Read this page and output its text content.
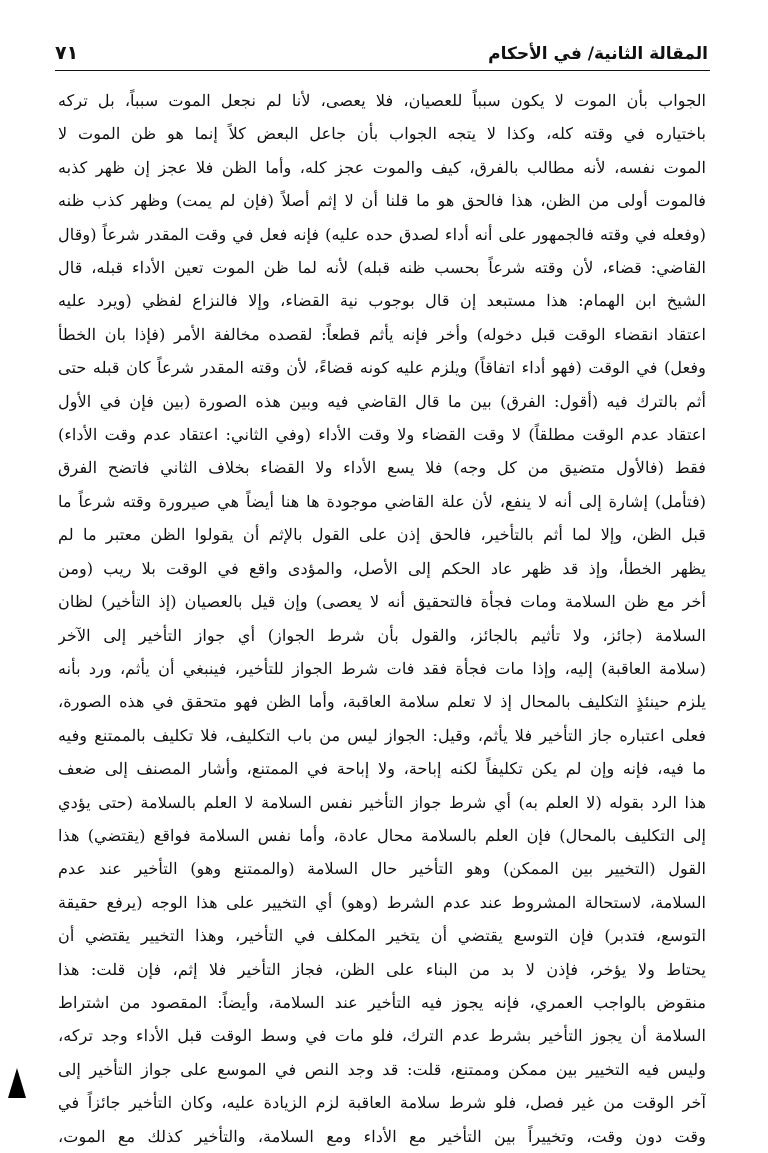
المقالة الثانية/ في الأحكام
٧١
الجواب بأن الموت لا يكون سبباً للعصيان، فلا يعصى، لأنا لم نجعل الموت سبباً، بل تركه
باختياره في وقته كله، وكذا لا يتجه الجواب بأن جاعل البعض كلاً إنما هو ظن الموت لا
الموت نفسه، لأنه مطالب بالفرق، كيف والموت عجز كله، وأما الظن فلا عجز إن ظهر كذبه
فالموت أولى من الظن، هذا فالحق هو ما قلنا أن لا إثم أصلاً (فإن لم يمت) وظهر كذب ظنه
(وفعله في وقته فالجمهور على أنه أداء لصدق حده عليه) فإنه فعل في وقت المقدر شرعاً (وقال
القاضي: قضاء، لأن وقته شرعاً بحسب ظنه قبله) لأنه لما ظن الموت تعين الأداء قبله، قال
الشيخ ابن الهمام: هذا مستبعد إن قال بوجوب نية القضاء، وإلا فالنزاع لفظي (ويرد عليه
اعتقاد انقضاء الوقت قبل دخوله) وأخر فإنه يأثم قطعاً: لقصده مخالفة الأمر (فإذا بان الخطأ
وفعل) في الوقت (فهو أداء اتفاقاً) ويلزم عليه كونه قضاءً، لأن وقته المقدر شرعاً كان قبله حتى
أثم بالترك فيه (أقول: الفرق) بين ما قال القاضي فيه وبين هذه الصورة (بين فإن في الأول
اعتقاد عدم الوقت مطلقاً) لا وقت القضاء ولا وقت الأداء (وفي الثاني: اعتقاد عدم وقت الأداء)
فقط (فالأول متضيق من كل وجه) فلا يسع الأداء ولا القضاء بخلاف الثاني فاتضح الفرق
(فتأمل) إشارة إلى أنه لا ينفع، لأن علة القاضي موجودة ها هنا أيضاً هي صيرورة وقته شرعاً ما
قبل الظن، وإلا لما أثم بالتأخير، فالحق إذن على القول بالإثم أن يقولوا الظن معتبر ما لم
يظهر الخطأ، وإذ قد ظهر عاد الحكم إلى الأصل، والمؤدى واقع في الوقت بلا ريب (ومن
أخر مع ظن السلامة ومات فجأة فالتحقيق أنه لا يعصى) وإن قيل بالعصيان (إذ التأخير) لظان
السلامة (جائز، ولا تأثيم بالجائز، والقول بأن شرط الجواز) أي جواز التأخير إلى الآخر
(سلامة العاقبة) إليه، وإذا مات فجأة فقد فات شرط الجواز للتأخير، فينبغي أن يأثم، ورد بأنه
يلزم حينئذٍ التكليف بالمحال إذ لا تعلم سلامة العاقبة، وأما الظن فهو متحقق في هذه الصورة،
فعلى اعتباره جاز التأخير فلا يأثم، وقيل: الجواز ليس من باب التكليف، فلا تكليف بالممتنع وفيه
ما فيه، فإنه وإن لم يكن تكليفاً لكنه إباحة، ولا إباحة في الممتنع، وأشار المصنف إلى ضعف
هذا الرد بقوله (لا العلم به) أي شرط جواز التأخير نفس السلامة لا العلم بالسلامة (حتى يؤدي
إلى التكليف بالمحال) فإن العلم بالسلامة محال عادة، وأما نفس السلامة فواقع (يقتضي) هذا
القول (التخيير بين الممكن) وهو التأخير حال السلامة (والممتنع وهو) التأخير عند عدم
السلامة، لاستحالة المشروط عند عدم الشرط (وهو) أي التخيير على هذا الوجه (يرفع حقيقة
التوسع، فتدبر) فإن التوسع يقتضي أن يتخير المكلف في التأخير، وهذا التخيير يقتضي أن
يحتاط ولا يؤخر، فإذن لا بد من البناء على الظن، فجاز التأخير فلا إثم، فإن قلت: هذا
منقوض بالواجب العمري، فإنه يجوز فيه التأخير عند السلامة، وأيضاً: المقصود من اشتراط
السلامة أن يجوز التأخير بشرط عدم الترك، فلو مات في وسط الوقت قبل الأداء وجد تركه،
وليس فيه التخيير بين ممكن وممتنع، قلت: قد وجد النص في الموسع على جواز التأخير إلى
آخر الوقت من غير فصل، فلو شرط سلامة العاقبة لزم الزيادة عليه، وكان التأخير جائزاً في
وقت دون وقت، وتخييراً بين التأخير مع الأداء ومع السلامة، والتأخير كذلك مع الموت،
